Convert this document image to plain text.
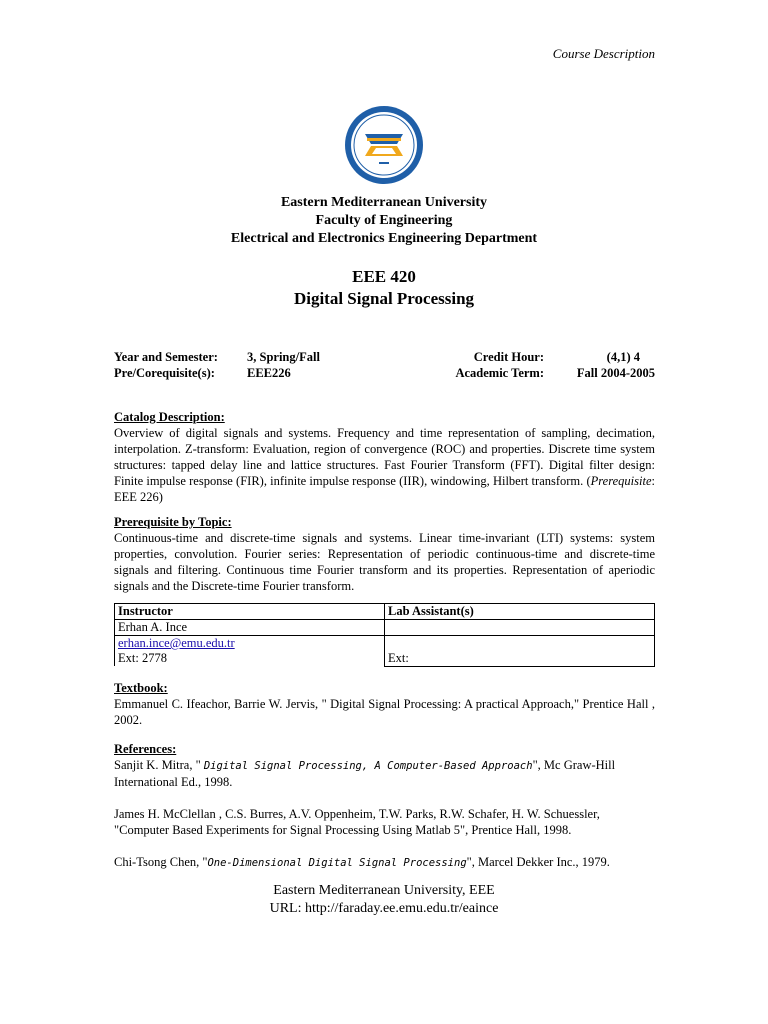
Course Description
Eastern Mediterranean University
Faculty of Engineering
Electrical and Electronics Engineering Department
EEE 420
Digital Signal Processing
Year and Semester: 3, Spring/Fall	Credit Hour:	(4,1) 4
Pre/Corequisite(s):	EEE226	Academic Term:	Fall 2004-2005
Catalog Description:
Overview of digital signals and systems. Frequency and time representation of sampling, decimation, interpolation. Z-transform: Evaluation, region of convergence (ROC) and properties. Discrete time system structures: tapped delay line and lattice structures. Fast Fourier Transform (FFT). Digital filter design: Finite impulse response (FIR), infinite impulse response (IIR), windowing, Hilbert transform. (Prerequisite: EEE 226)
Prerequisite by Topic:
Continuous-time and discrete-time signals and systems. Linear time-invariant (LTI) systems: system properties, convolution. Fourier series: Representation of periodic continuous-time and discrete-time signals and filtering. Continuous time Fourier transform and its properties. Representation of aperiodic signals and the Discrete-time Fourier transform.
Instructor	Lab Assistant(s)
Erhan A. Ince	
erhan.ince@emu.edu.tr
Ext: 2778	Ext:
Textbook:
Emmanuel C. Ifeachor, Barrie W. Jervis, " Digital Signal Processing: A practical Approach," Prentice Hall , 2002.
References:
Sanjit K. Mitra, " Digital Signal Processing, A Computer-Based Approach", Mc Graw-Hill International Ed., 1998.
James H. McClellan , C.S. Burres, A.V. Oppenheim, T.W. Parks, R.W. Schafer, H. W. Schuessler, "Computer Based Experiments for Signal Processing Using Matlab 5", Prentice Hall, 1998.
Chi-Tsong Chen, "One-Dimensional Digital Signal Processing", Marcel Dekker Inc., 1979.
Eastern Mediterranean University, EEE
URL: http://faraday.ee.emu.edu.tr/eaince
